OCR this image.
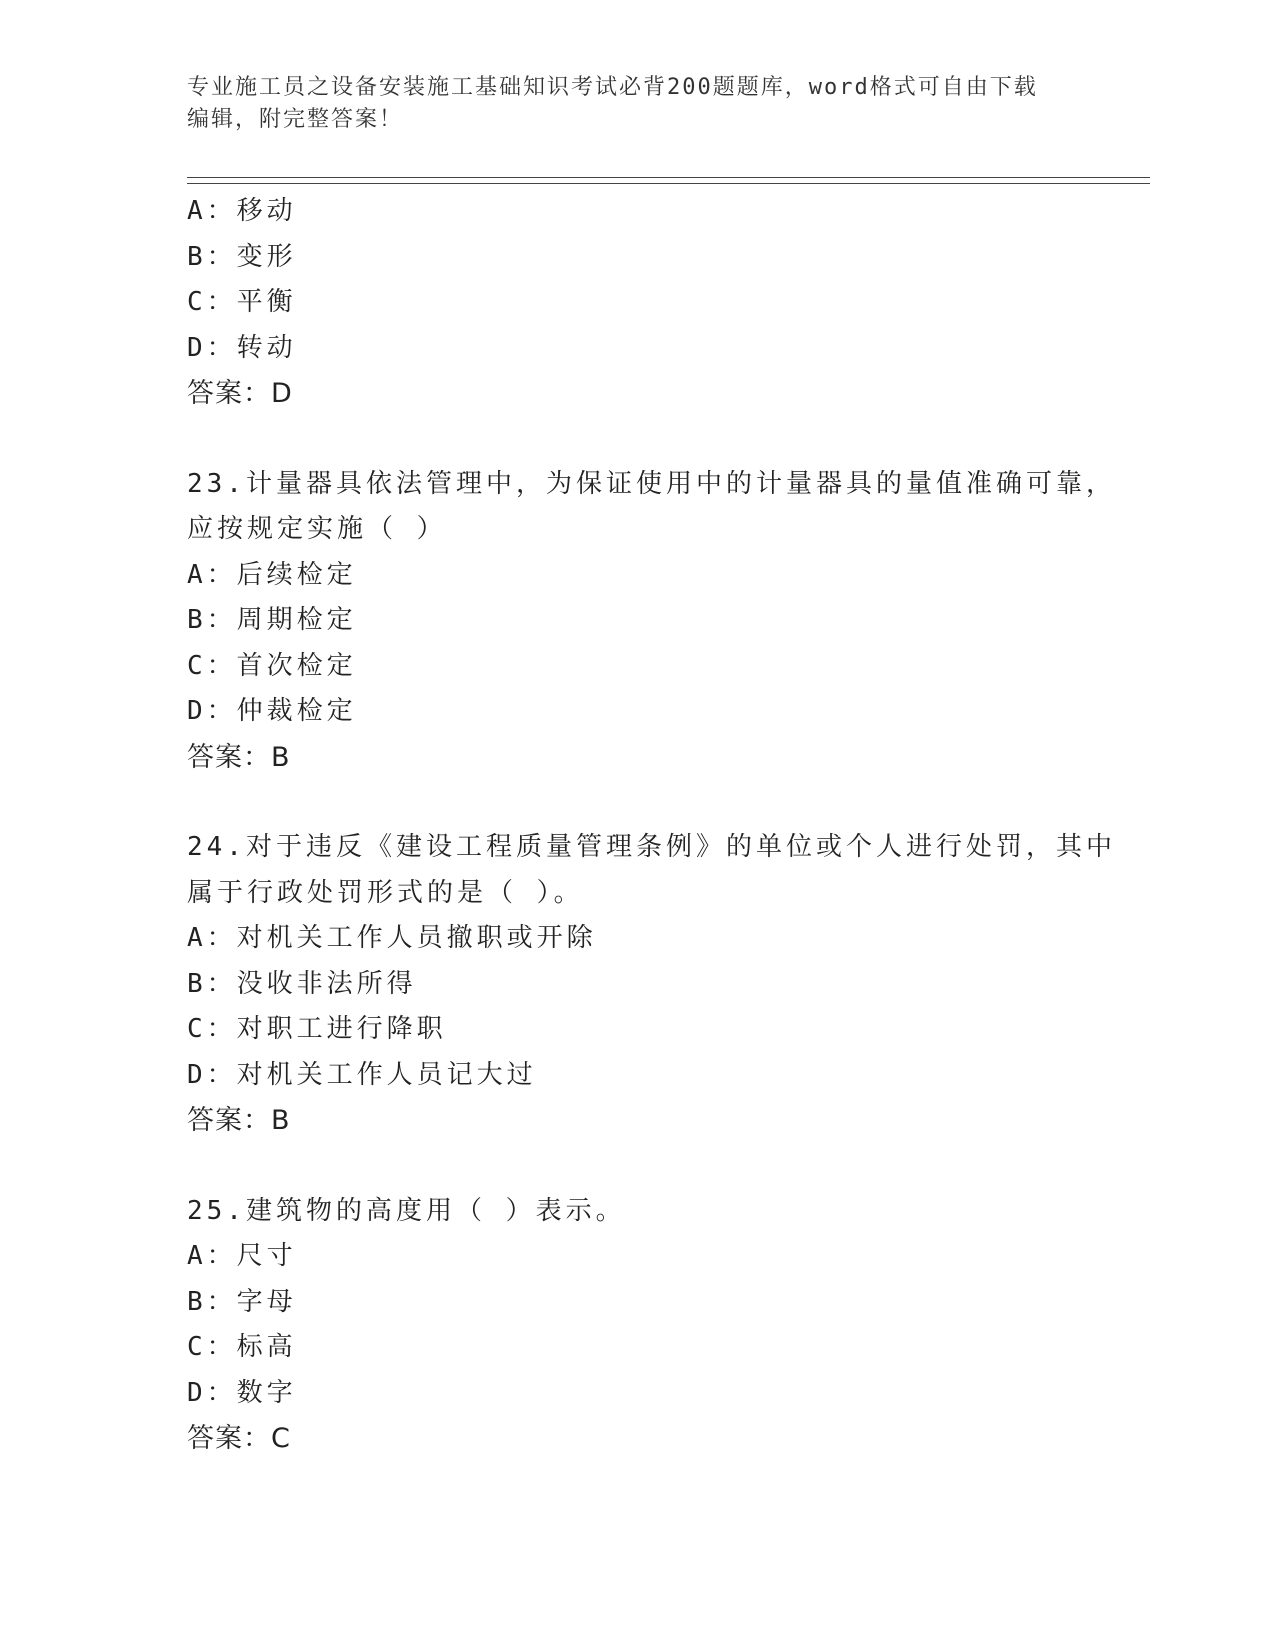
专业施工员之设备安装施工基础知识考试必背200题题库，word格式可自由下载
编辑，附完整答案！
A：移动
B：变形
C：平衡
D：转动
答案：D
23.计量器具依法管理中，为保证使用中的计量器具的量值准确可靠，
应按规定实施（ ）
A：后续检定
B：周期检定
C：首次检定
D：仲裁检定
答案：B
24.对于违反《建设工程质量管理条例》的单位或个人进行处罚，其中
属于行政处罚形式的是（ ）。
A：对机关工作人员撤职或开除
B：没收非法所得
C：对职工进行降职
D：对机关工作人员记大过
答案：B
25.建筑物的高度用（ ）表示。
A：尺寸
B：字母
C：标高
D：数字
答案：C
